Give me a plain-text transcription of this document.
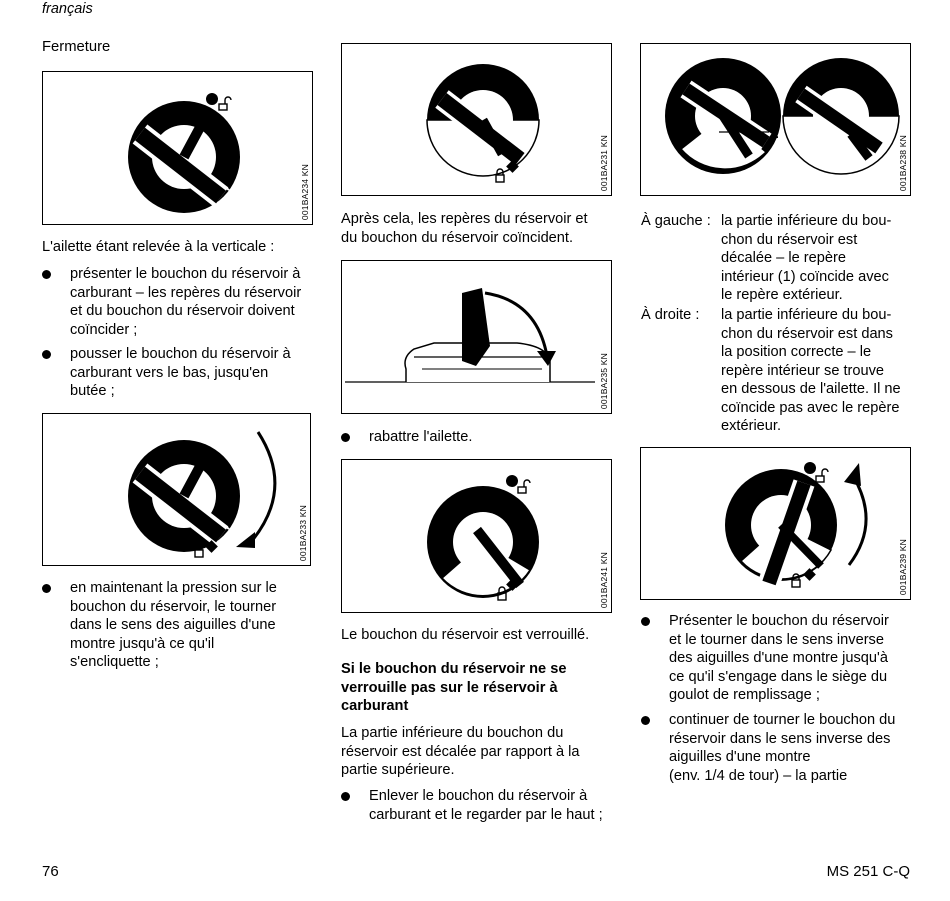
français
Fermeture
001BA234 KN
L'ailette étant relevée à la verticale :
présenter le bouchon du réservoir à
carburant – les repères du réservoir
et du bouchon du réservoir doivent
coïncider ;
pousser le bouchon du réservoir à
carburant vers le bas, jusqu'en
butée ;
001BA233 KN
en maintenant la pression sur le
bouchon du réservoir, le tourner
dans le sens des aiguilles d'une
montre jusqu'à ce qu'il
s'encliquette ;
001BA231 KN
Après cela, les repères du réservoir et
du bouchon du réservoir coïncident.
001BA235 KN
rabattre l'ailette.
001BA241 KN
Le bouchon du réservoir est verrouillé.
Si le bouchon du réservoir ne se
verrouille pas sur le réservoir à
carburant
La partie inférieure du bouchon du
réservoir est décalée par rapport à la
partie supérieure.
Enlever le bouchon du réservoir à
carburant et le regarder par le haut ;
1
001BA238 KN
À gauche : la partie inférieure du bou-
chon du réservoir est
décalée – le repère
intérieur (1) coïncide avec
le repère extérieur.
À droite :	la partie inférieure du bou-
chon du réservoir est dans
la position correcte – le
repère intérieur se trouve
en dessous de l'ailette. Il ne
coïncide pas avec le repère
extérieur.
001BA239 KN
Présenter le bouchon du réservoir
et le tourner dans le sens inverse
des aiguilles d'une montre jusqu'à
ce qu'il s'engage dans le siège du
goulot de remplissage ;
continuer de tourner le bouchon du
réservoir dans le sens inverse des
aiguilles d'une montre
(env. 1/4 de tour) – la partie
76	MS 251 C-Q
